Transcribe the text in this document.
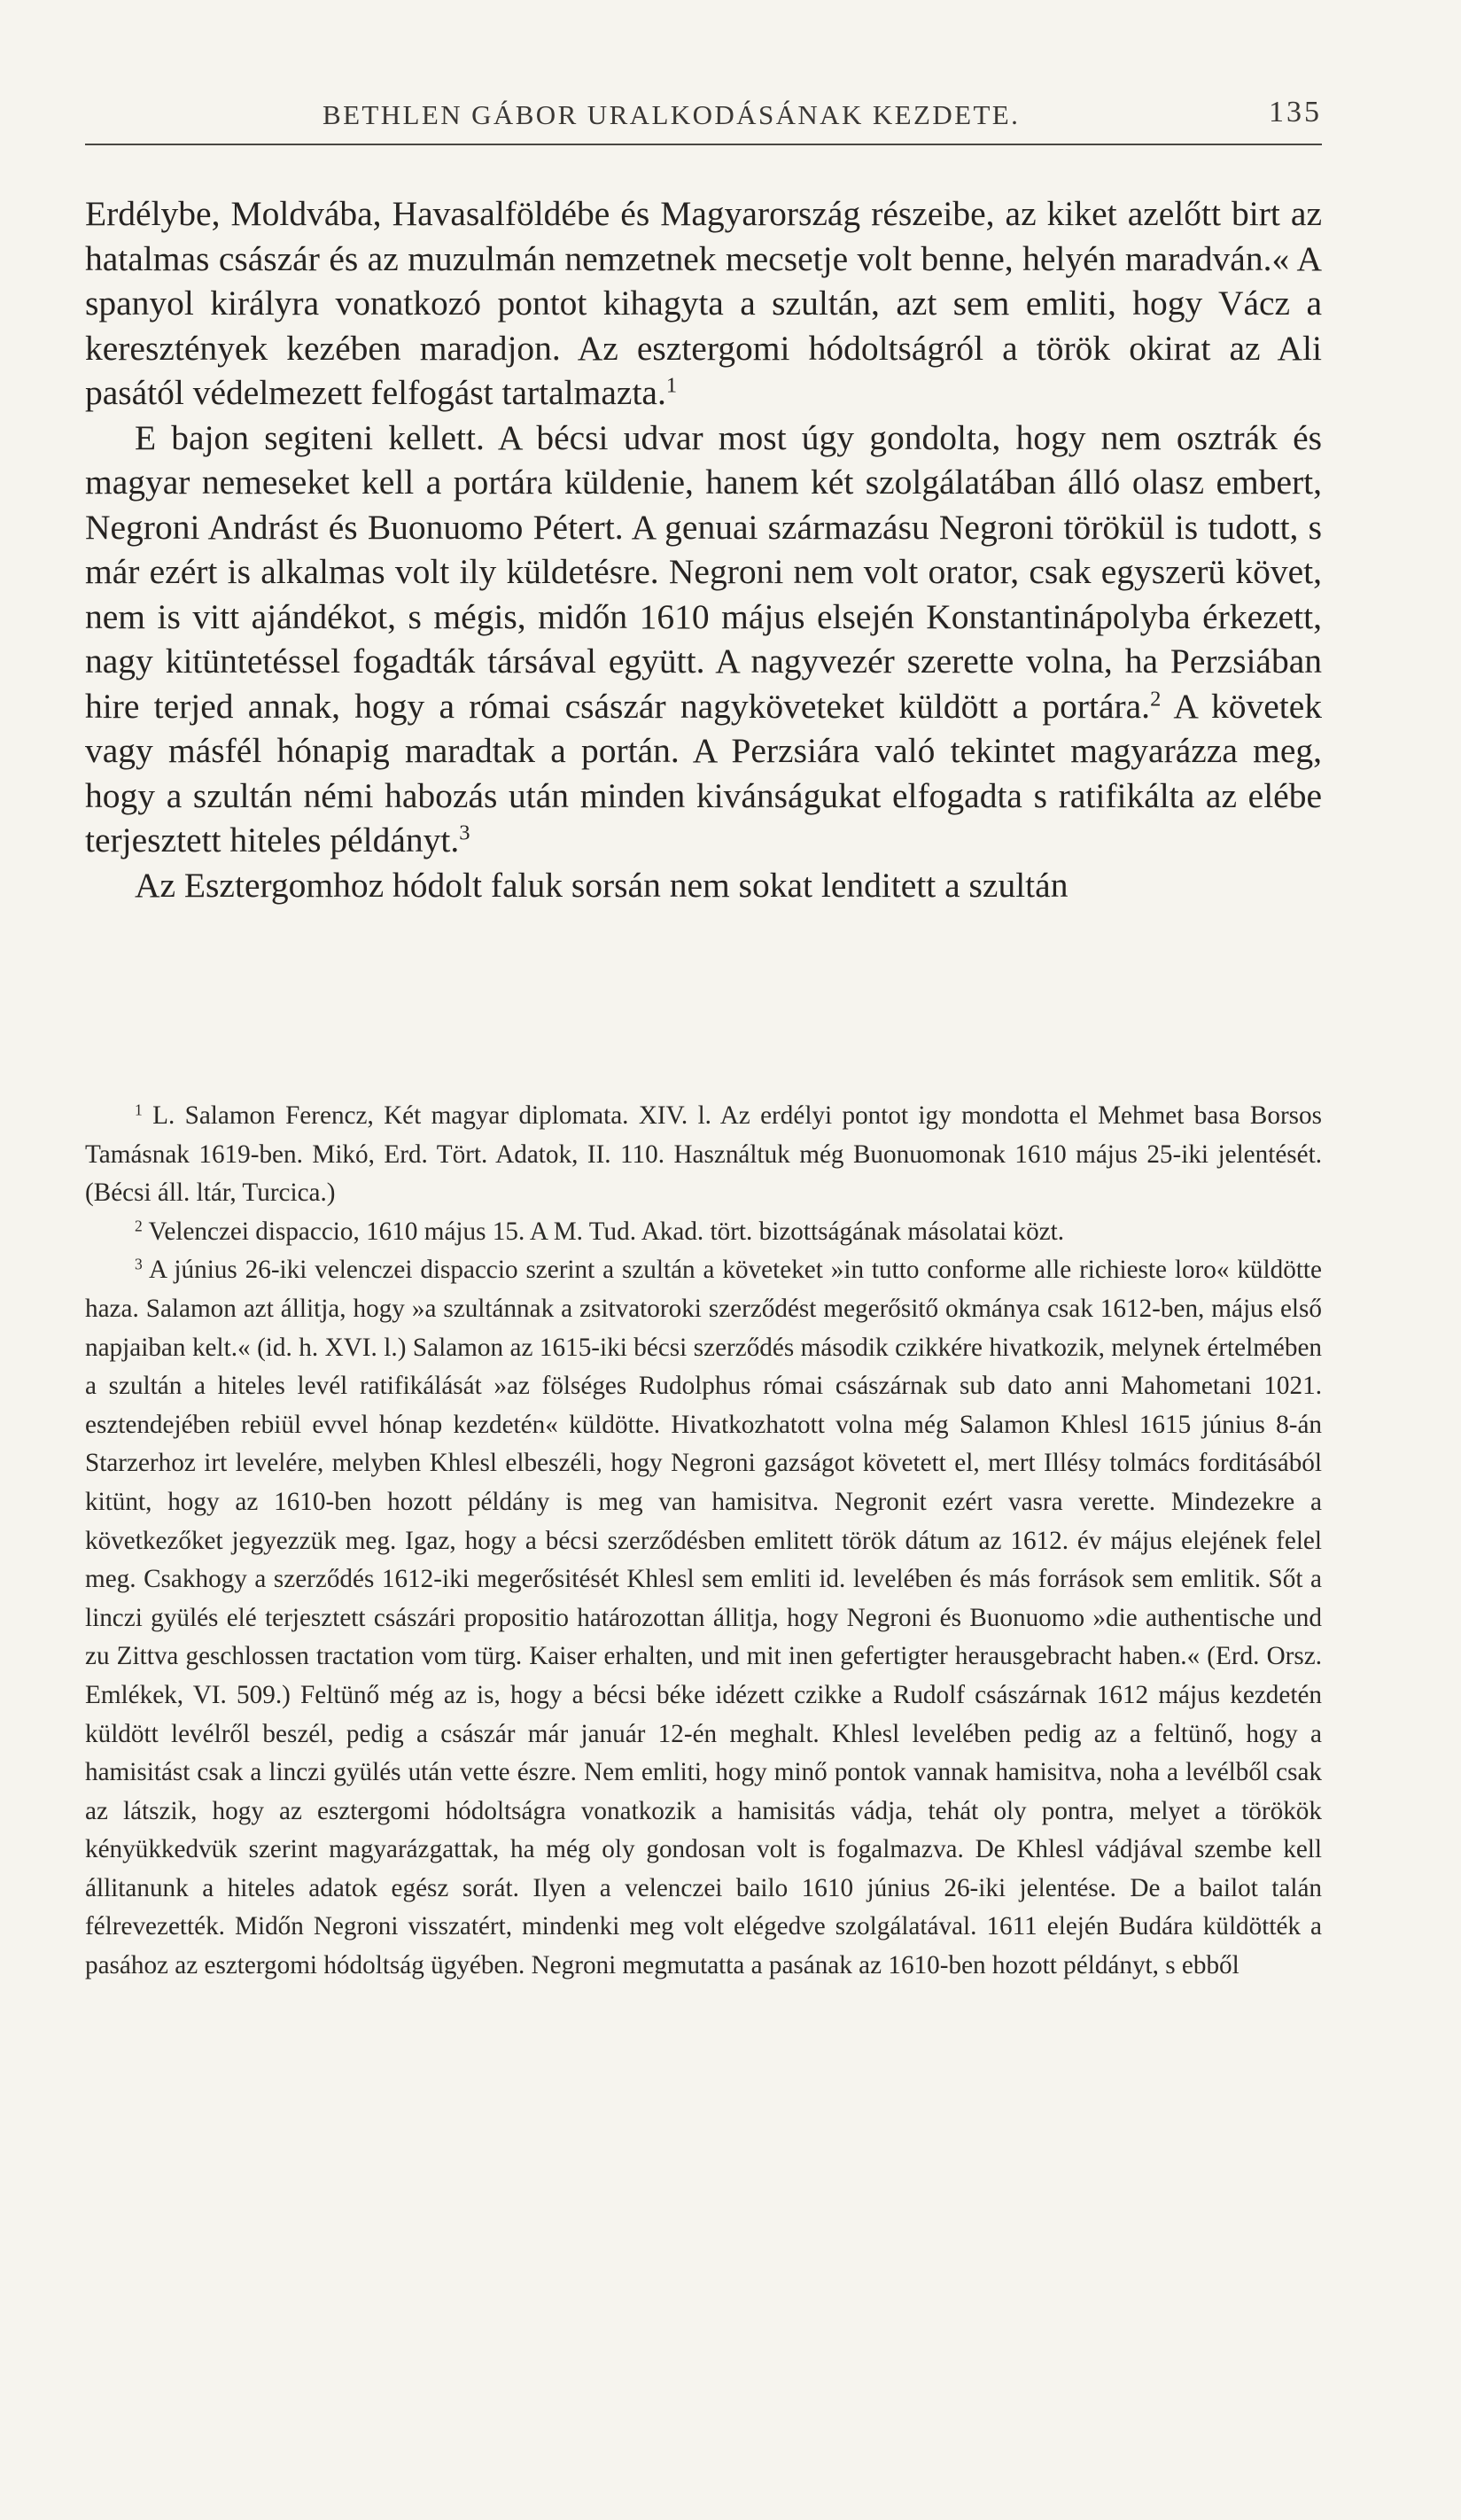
BETHLEN GÁBOR URALKODÁSÁNAK KEZDETE.	135

Erdélybe, Moldvába, Havasalföldébe és Magyarország részeibe, az kiket azelőtt birt az hatalmas császár és az muzulmán nemzetnek mecsetje volt benne, helyén maradván.« A spanyol királyra vonatkozó pontot kihagyta a szultán, azt sem emliti, hogy Vácz a keresztények kezében maradjon. Az esztergomi hódoltságról a török okirat az Ali pasától védelmezett felfogást tartalmazta.$^1$

E bajon segiteni kellett. A bécsi udvar most úgy gondolta, hogy nem osztrák és magyar nemeseket kell a portára küldenie, hanem két szolgálatában álló olasz embert, Negroni Andrást és Buonuomo Pétert. A genuai származásu Negroni törökül is tudott, s már ezért is alkalmas volt ily küldetésre. Negroni nem volt orator, csak egyszerü követ, nem is vitt ajándékot, s mégis, midőn 1610 május elsején Konstantinápolyba érkezett, nagy kitüntetéssel fogadták társával együtt. A nagyvezér szerette volna, ha Perzsiában hire terjed annak, hogy a római császár nagyköveteket küldött a portára.$^2$ A követek vagy másfél hónapig maradtak a portán. A Perzsiára való tekintet magyarázza meg, hogy a szultán némi habozás után minden kivánságukat elfogadta s ratifikálta az elébe terjesztett hiteles példányt.$^3$

Az Esztergomhoz hódolt faluk sorsán nem sokat lenditett a szultán

$^1$ L. Salamon Ferencz, Két magyar diplomata. XIV. l. Az erdélyi pontot igy mondotta el Mehmet basa Borsos Tamásnak 1619-ben. Mikó, Erd. Tört. Adatok, II. 110. Használtuk még Buonuomonak 1610 május 25-iki jelentését. (Bécsi áll. ltár, Turcica.)

$^2$ Velenczei dispaccio, 1610 május 15. A M. Tud. Akad. tört. bizottságának másolatai közt.

$^3$ A június 26-iki velenczei dispaccio szerint a szultán a követeket »in tutto conforme alle richieste loro« küldötte haza. Salamon azt állitja, hogy »a szultánnak a zsitvatoroki szerződést megerősitő okmánya csak 1612-ben, május első napjaiban kelt.« (id. h. XVI. l.) Salamon az 1615-iki bécsi szerződés második czikkére hivatkozik, melynek értelmében a szultán a hiteles levél ratifikálását »az fölséges Rudolphus római császárnak sub dato anni Mahometani 1021. esztendejében rebiül evvel hónap kezdetén« küldötte. Hivatkozhatott volna még Salamon Khlesl 1615 június 8-án Starzerhoz irt levelére, melyben Khlesl elbeszéli, hogy Negroni gazságot követett el, mert Illésy tolmács forditásából kitünt, hogy az 1610-ben hozott példány is meg van hamisitva. Negronit ezért vasra verette. Mindezekre a következőket jegyezzük meg. Igaz, hogy a bécsi szerződésben emlitett török dátum az 1612. év május elejének felel meg. Csakhogy a szerződés 1612-iki megerősitését Khlesl sem emliti id. levelében és más források sem emlitik. Sőt a linczi gyülés elé terjesztett császári propositio határozottan állitja, hogy Negroni és Buonuomo »die authentische und zu Zittva geschlossen tractation vom türg. Kaiser erhalten, und mit inen gefertigter herausgebracht haben.« (Erd. Orsz. Emlékek, VI. 509.) Feltünő még az is, hogy a bécsi béke idézett czikke a Rudolf császárnak 1612 május kezdetén küldött levélről beszél, pedig a császár már január 12-én meghalt. Khlesl levelében pedig az a feltünő, hogy a hamisitást csak a linczi gyülés után vette észre. Nem emliti, hogy minő pontok vannak hamisitva, noha a levélből csak az látszik, hogy az esztergomi hódoltságra vonatkozik a hamisitás vádja, tehát oly pontra, melyet a törökök kényükkedvük szerint magyarázgattak, ha még oly gondosan volt is fogalmazva. De Khlesl vádjával szembe kell állitanunk a hiteles adatok egész sorát. Ilyen a velenczei bailo 1610 június 26-iki jelentése. De a bailot talán félrevezették. Midőn Negroni visszatért, mindenki meg volt elégedve szolgálatával. 1611 elején Budára küldötték a pasához az esztergomi hódoltság ügyében. Negroni megmutatta a pasának az 1610-ben hozott példányt, s ebből
